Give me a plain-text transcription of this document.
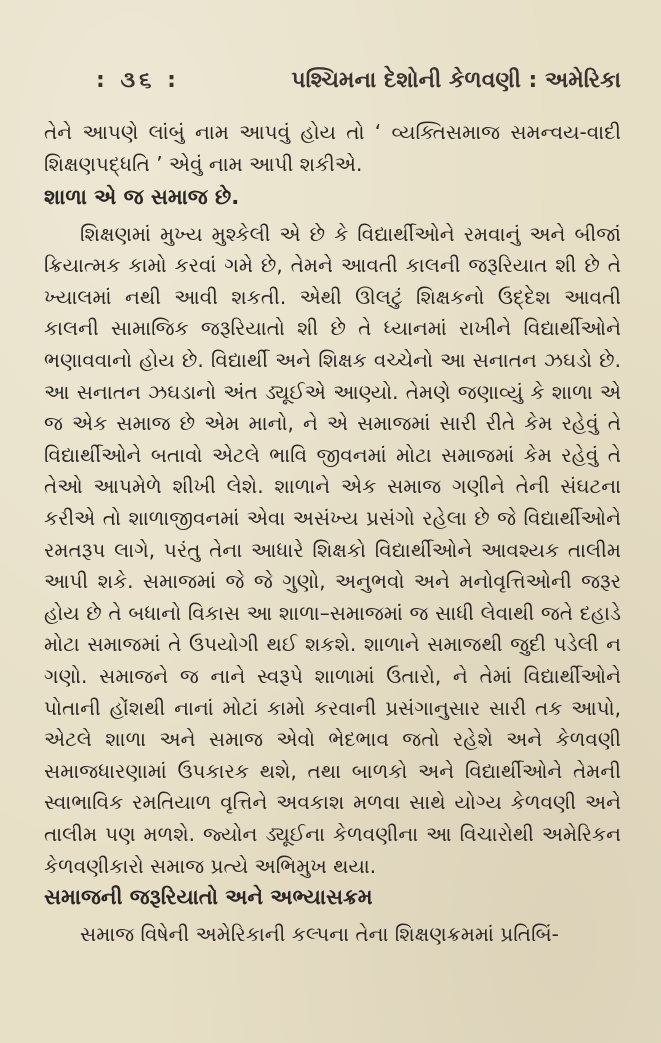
: ૩૬ :	પશ્ચિમના દેશોની કેળવણી : અમેરિકા

તેને આપણે લાંબું નામ આપવું હોય તો ‘ વ્યક્તિસમાજ સમન્વય-વાદી શિક્ષણપદ્ધતિ ’ એવું નામ આપી શકીએ.

શાળા એ જ સમાજ છે.

શિક્ષણમાં મુખ્ય મુશ્કેલી એ છે કે વિદ્યાર્થીઓને રમવાનું અને બીજાં ક્રિયાત્મક કામો કરવાં ગમે છે, તેમને આવતી કાલની જરૂરિયાત શી છે તે ખ્યાલમાં નથી આવી શકતી. એથી ઊલટું શિક્ષકનો ઉદ્દેશ આવતી કાલની સામાજિક જરૂરિયાતો શી છે તે ધ્યાનમાં રાખીને વિદ્યાર્થીઓને ભણાવવાનો હોય છે. વિદ્યાર્થી અને શિક્ષક વચ્ચેનો આ સનાતન ઝઘડો છે. આ સનાતન ઝઘડાનો અંત ડ્યૂઈએ આણ્યો. તેમણે જણાવ્યું કે શાળા એ જ એક સમાજ છે એમ માનો, ને એ સમાજમાં સારી રીતે કેમ રહેવું તે વિદ્યાર્થીઓને બતાવો એટલે ભાવિ જીવનમાં મોટા સમાજમાં કેમ રહેવું તે તેઓ આપમેળે શીખી લેશે. શાળાને એક સમાજ ગણીને તેની સંઘટના કરીએ તો શાળાજીવનમાં એવા અસંખ્ય પ્રસંગો રહેલા છે જે વિદ્યાર્થીઓને રમતરૂપ લાગે, પરંતુ તેના આધારે શિક્ષકો વિદ્યાર્થીઓને આવશ્યક તાલીમ આપી શકે. સમાજમાં જે જે ગુણો, અનુભવો અને મનોવૃત્તિઓની જરૂર હોય છે તે બધાનો વિકાસ આ શાળા–સમાજમાં જ સાધી લેવાથી જતે દહાડે મોટા સમાજમાં તે ઉપયોગી થઈ શકશે. શાળાને સમાજથી જુદી પડેલી ન ગણો. સમાજને જ નાને સ્વરૂપે શાળામાં ઉતારો, ને તેમાં વિદ્યાર્થીઓને પોતાની હોંશથી નાનાં મોટાં કામો કરવાની પ્રસંગાનુસાર સારી તક આપો, એટલે શાળા અને સમાજ એવો ભેદભાવ જતો રહેશે અને કેળવણી સમાજધારણામાં ઉપકારક થશે, તથા બાળકો અને વિદ્યાર્થીઓને તેમની સ્વાભાવિક રમતિયાળ વૃત્તિને અવકાશ મળવા સાથે યોગ્ય કેળવણી અને તાલીમ પણ મળશે. જ્યોન ડ્યૂઈના કેળવણીના આ વિચારોથી અમેરિકન કેળવણીકારો સમાજ પ્રત્યે અભિમુખ થયા.

સમાજની જરૂરિયાતો અને અભ્યાસક્રમ

સમાજ વિષેની અમેરિકાની કલ્પના તેના શિક્ષણક્રમમાં પ્રતિબિં-
